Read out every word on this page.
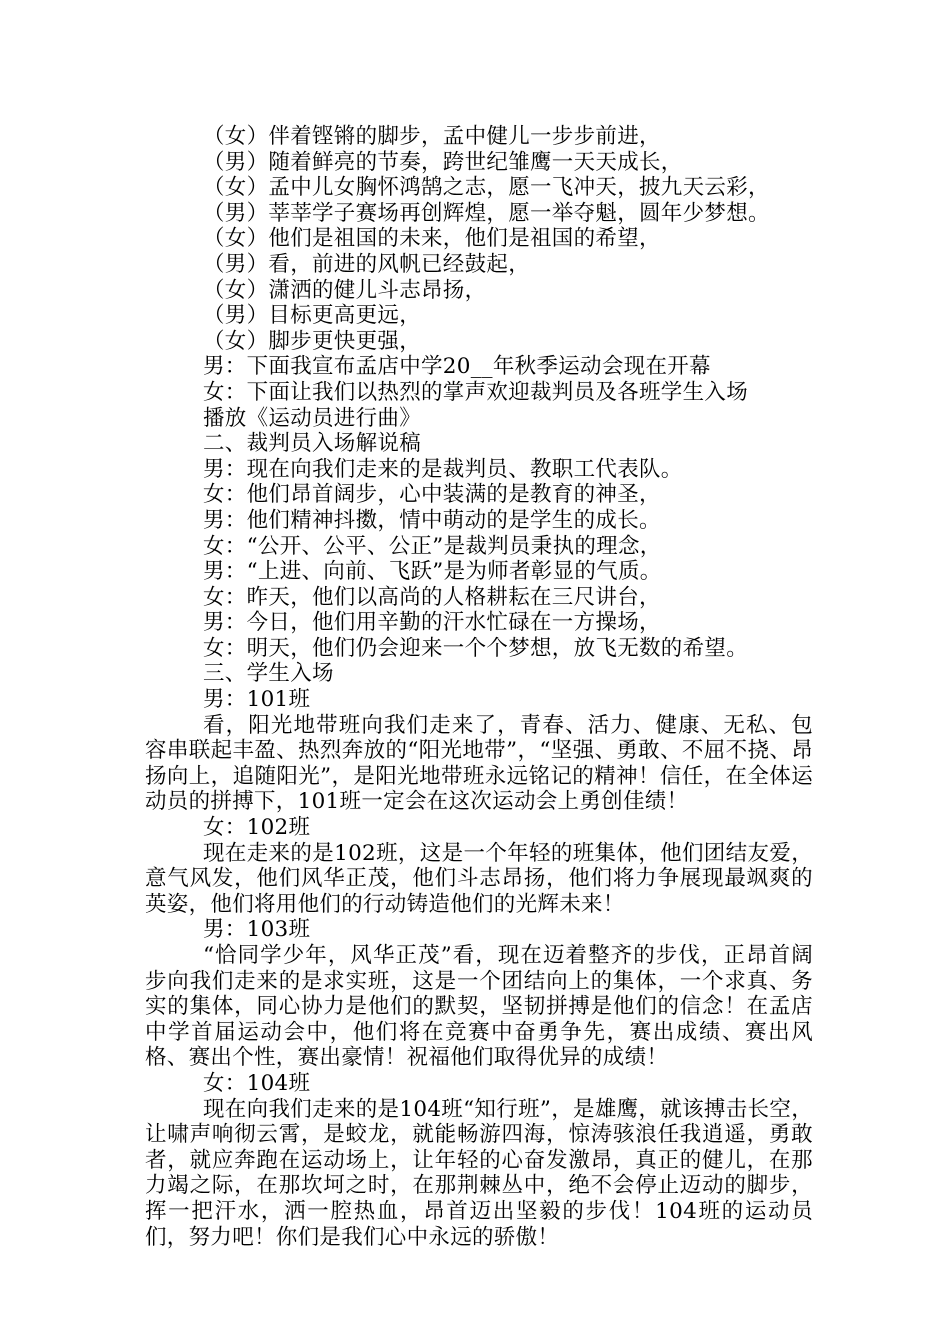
（女）伴着铿锵的脚步，孟中健儿一步步前进，
（男）随着鲜亮的节奏，跨世纪雏鹰一天天成长，
（女）孟中儿女胸怀鸿鹄之志，愿一飞冲天，披九天云彩，
（男）莘莘学子赛场再创辉煌，愿一举夺魁，圆年少梦想。
（女）他们是祖国的未来，他们是祖国的希望，
（男）看，前进的风帆已经鼓起，
（女）潇洒的健儿斗志昂扬，
（男）目标更高更远，
（女）脚步更快更强，
男：下面我宣布孟店中学20__年秋季运动会现在开幕
女：下面让我们以热烈的掌声欢迎裁判员及各班学生入场
播放《运动员进行曲》
二、裁判员入场解说稿
男：现在向我们走来的是裁判员、教职工代表队。
女：他们昂首阔步，心中装满的是教育的神圣，
男：他们精神抖擞，情中萌动的是学生的成长。
女：“公开、公平、公正”是裁判员秉执的理念，
男：“上进、向前、飞跃”是为师者彰显的气质。
女：昨天，他们以高尚的人格耕耘在三尺讲台，
男：今日，他们用辛勤的汗水忙碌在一方操场，
女：明天，他们仍会迎来一个个梦想，放飞无数的希望。
三、学生入场
男：101班
看，阳光地带班向我们走来了，青春、活力、健康、无私、包容串联起丰盈、热烈奔放的“阳光地带”，“坚强、勇敢、不屈不挠、昂扬向上，追随阳光”，是阳光地带班永远铭记的精神！信任，在全体运动员的拼搏下，101班一定会在这次运动会上勇创佳绩！
女：102班
现在走来的是102班，这是一个年轻的班集体，他们团结友爱，意气风发，他们风华正茂，他们斗志昂扬，他们将力争展现最飒爽的英姿，他们将用他们的行动铸造他们的光辉未来！
男：103班
“恰同学少年，风华正茂”看，现在迈着整齐的步伐，正昂首阔步向我们走来的是求实班，这是一个团结向上的集体，一个求真、务实的集体，同心协力是他们的默契，坚韧拼搏是他们的信念！在孟店中学首届运动会中，他们将在竞赛中奋勇争先，赛出成绩、赛出风格、赛出个性，赛出豪情！祝福他们取得优异的成绩！
女：104班
现在向我们走来的是104班“知行班”，是雄鹰，就该搏击长空，让啸声响彻云霄，是蛟龙，就能畅游四海，惊涛骇浪任我逍遥，勇敢者，就应奔跑在运动场上，让年轻的心奋发激昂，真正的健儿，在那力竭之际，在那坎坷之时，在那荆棘丛中，绝不会停止迈动的脚步，挥一把汗水，洒一腔热血，昂首迈出坚毅的步伐！104班的运动员们，努力吧！你们是我们心中永远的骄傲！
